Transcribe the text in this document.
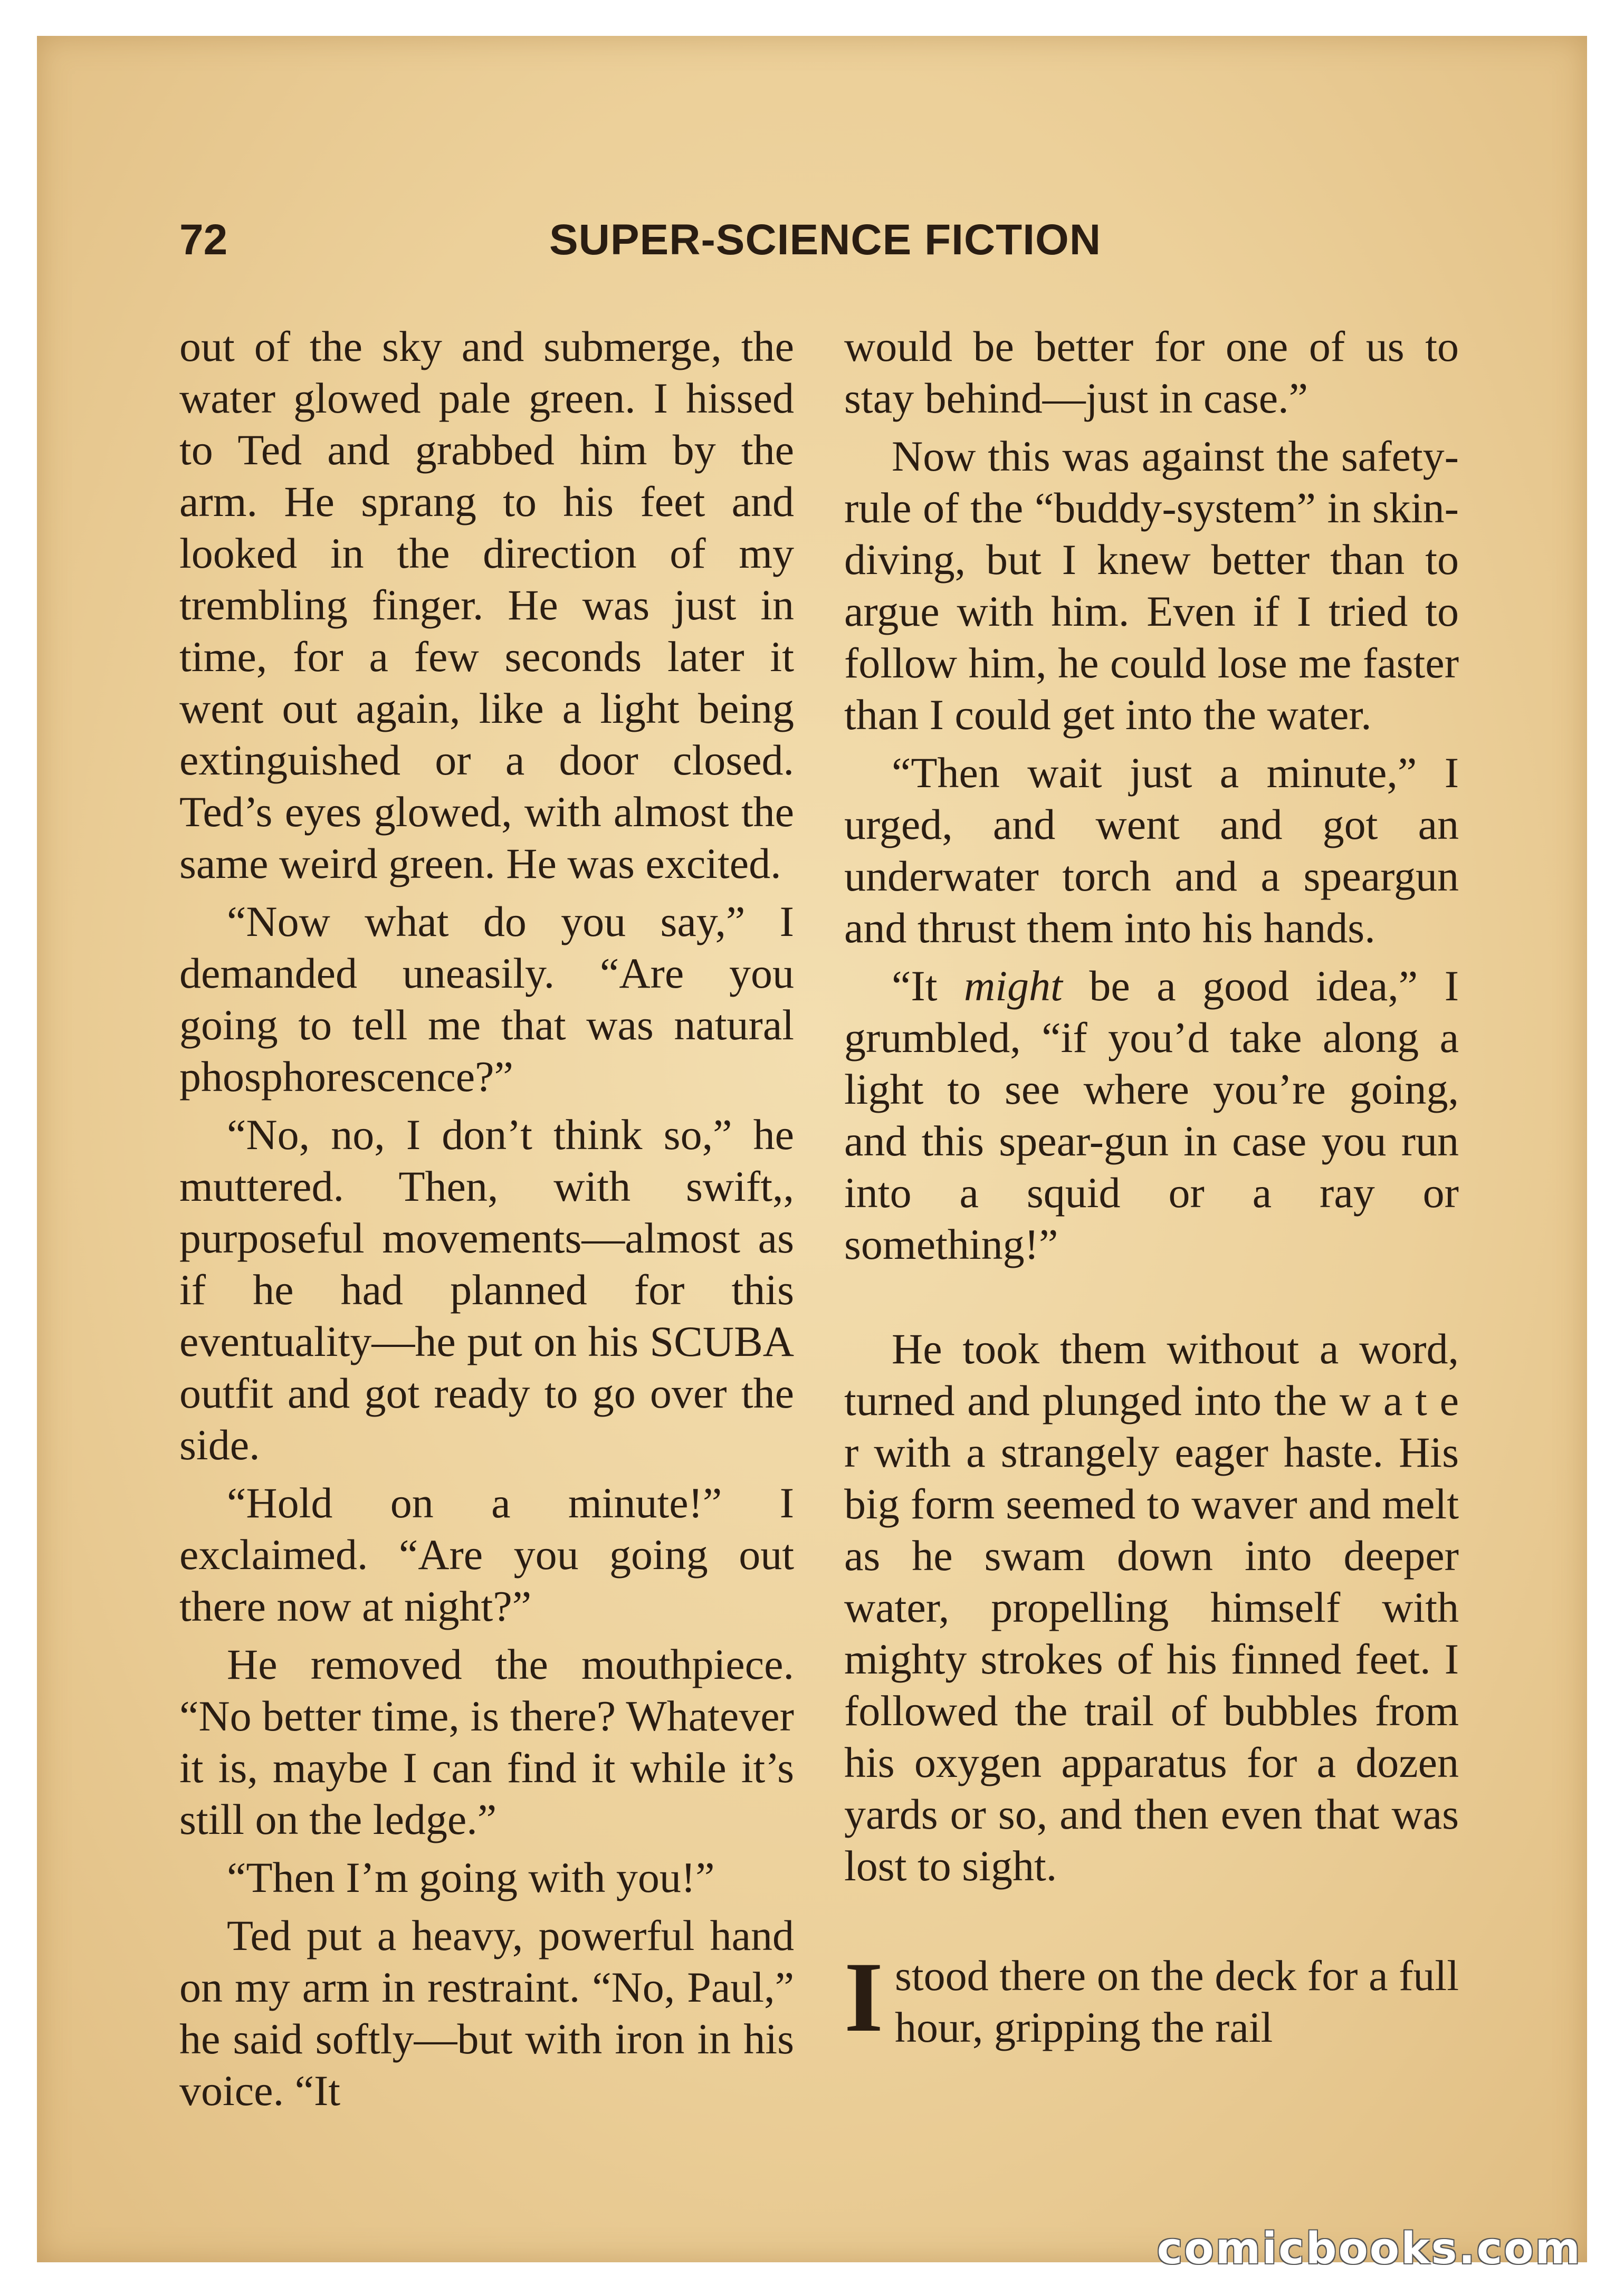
72	SUPER-SCIENCE FICTION

out of the sky and submerge, the water glowed pale green. I hissed to Ted and grabbed him by the arm. He sprang to his feet and looked in the direction of my trembling finger. He was just in time, for a few seconds later it went out again, like a light being extinguished or a door closed. Ted’s eyes glowed, with almost the same weird green. He was excited.

“Now what do you say,” I demanded uneasily. “Are you going to tell me that was natural phosphorescence?”

“No, no, I don’t think so,” he muttered. Then, with swift,, purposeful movements—almost as if he had planned for this eventuality—he put on his SCUBA outfit and got ready to go over the side.

“Hold on a minute!” I exclaimed. “Are you going out there now at night?”

He removed the mouthpiece. “No better time, is there? Whatever it is, maybe I can find it while it’s still on the ledge.”

“Then I’m going with you!”

Ted put a heavy, powerful hand on my arm in restraint. “No, Paul,” he said softly—but with iron in his voice. “It

would be better for one of us to stay behind—just in case.”

Now this was against the safety-rule of the “buddy-system” in skin-diving, but I knew better than to argue with him. Even if I tried to follow him, he could lose me faster than I could get into the water.

“Then wait just a minute,” I urged, and went and got an underwater torch and a speargun and thrust them into his hands.

“It might be a good idea,” I grumbled, “if you’d take along a light to see where you’re going, and this spear-gun in case you run into a squid or a ray or something!”

He took them without a word, turned and plunged into the w a t e r with a strangely eager haste. His big form seemed to waver and melt as he swam down into deeper water, propelling himself with mighty strokes of his finned feet. I followed the trail of bubbles from his oxygen apparatus for a dozen yards or so, and then even that was lost to sight.

I stood there on the deck for a full hour, gripping the rail

comicbooks.com
